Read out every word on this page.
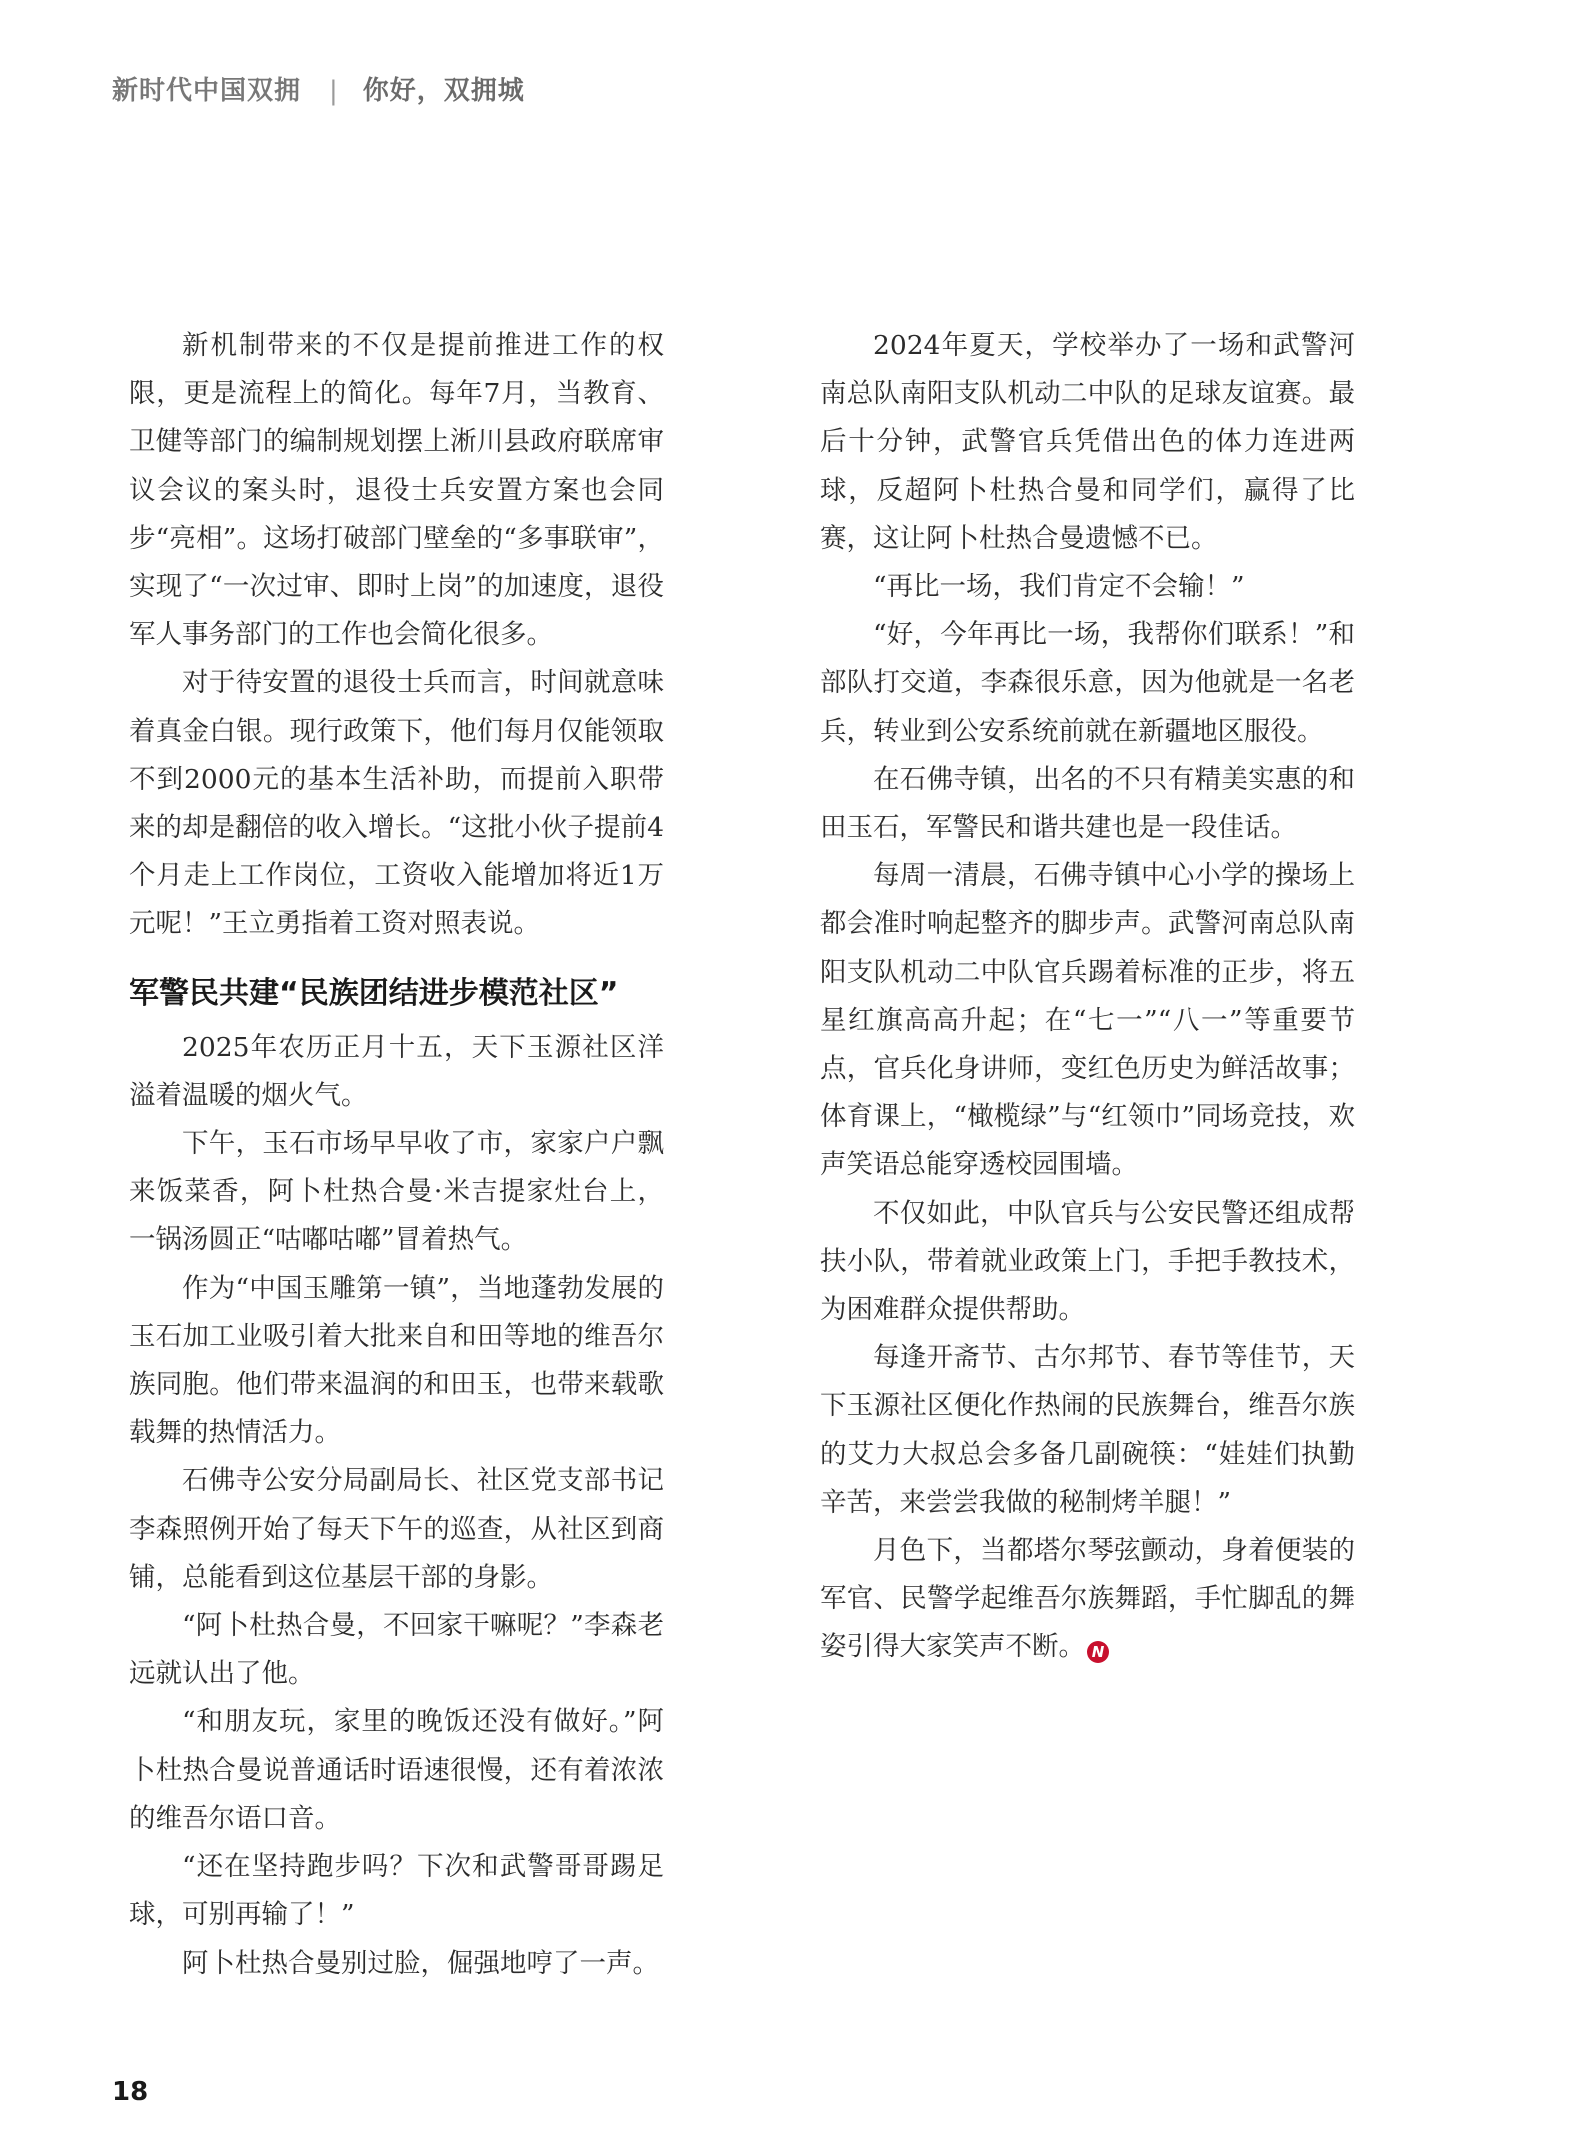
新时代中国双拥 | 你好，双拥城

新机制带来的不仅是提前推进工作的权限，更是流程上的简化。每年7月，当教育、卫健等部门的编制规划摆上淅川县政府联席审议会议的案头时，退役士兵安置方案也会同步“亮相”。这场打破部门壁垒的“多事联审”，实现了“一次过审、即时上岗”的加速度，退役军人事务部门的工作也会简化很多。

对于待安置的退役士兵而言，时间就意味着真金白银。现行政策下，他们每月仅能领取不到2000元的基本生活补助，而提前入职带来的却是翻倍的收入增长。“这批小伙子提前4个月走上工作岗位，工资收入能增加将近1万元呢！”王立勇指着工资对照表说。

军警民共建“民族团结进步模范社区”

2025年农历正月十五，天下玉源社区洋溢着温暖的烟火气。

下午，玉石市场早早收了市，家家户户飘来饭菜香，阿卜杜热合曼·米吉提家灶台上，一锅汤圆正“咕嘟咕嘟”冒着热气。

作为“中国玉雕第一镇”，当地蓬勃发展的玉石加工业吸引着大批来自和田等地的维吾尔族同胞。他们带来温润的和田玉，也带来载歌载舞的热情活力。

石佛寺公安分局副局长、社区党支部书记李森照例开始了每天下午的巡查，从社区到商铺，总能看到这位基层干部的身影。

“阿卜杜热合曼，不回家干嘛呢？”李森老远就认出了他。

“和朋友玩，家里的晚饭还没有做好。”阿卜杜热合曼说普通话时语速很慢，还有着浓浓的维吾尔语口音。

“还在坚持跑步吗？下次和武警哥哥踢足球，可别再输了！”

阿卜杜热合曼别过脸，倔强地哼了一声。

2024年夏天，学校举办了一场和武警河南总队南阳支队机动二中队的足球友谊赛。最后十分钟，武警官兵凭借出色的体力连进两球，反超阿卜杜热合曼和同学们，赢得了比赛，这让阿卜杜热合曼遗憾不已。

“再比一场，我们肯定不会输！”

“好，今年再比一场，我帮你们联系！”和部队打交道，李森很乐意，因为他就是一名老兵，转业到公安系统前就在新疆地区服役。

在石佛寺镇，出名的不只有精美实惠的和田玉石，军警民和谐共建也是一段佳话。

每周一清晨，石佛寺镇中心小学的操场上都会准时响起整齐的脚步声。武警河南总队南阳支队机动二中队官兵踢着标准的正步，将五星红旗高高升起；在“七一”“八一”等重要节点，官兵化身讲师，变红色历史为鲜活故事；体育课上，“橄榄绿”与“红领巾”同场竞技，欢声笑语总能穿透校园围墙。

不仅如此，中队官兵与公安民警还组成帮扶小队，带着就业政策上门，手把手教技术，为困难群众提供帮助。

每逢开斋节、古尔邦节、春节等佳节，天下玉源社区便化作热闹的民族舞台，维吾尔族的艾力大叔总会多备几副碗筷：“娃娃们执勤辛苦，来尝尝我做的秘制烤羊腿！”

月色下，当都塔尔琴弦颤动，身着便装的军官、民警学起维吾尔族舞蹈，手忙脚乱的舞姿引得大家笑声不断。 N

18
